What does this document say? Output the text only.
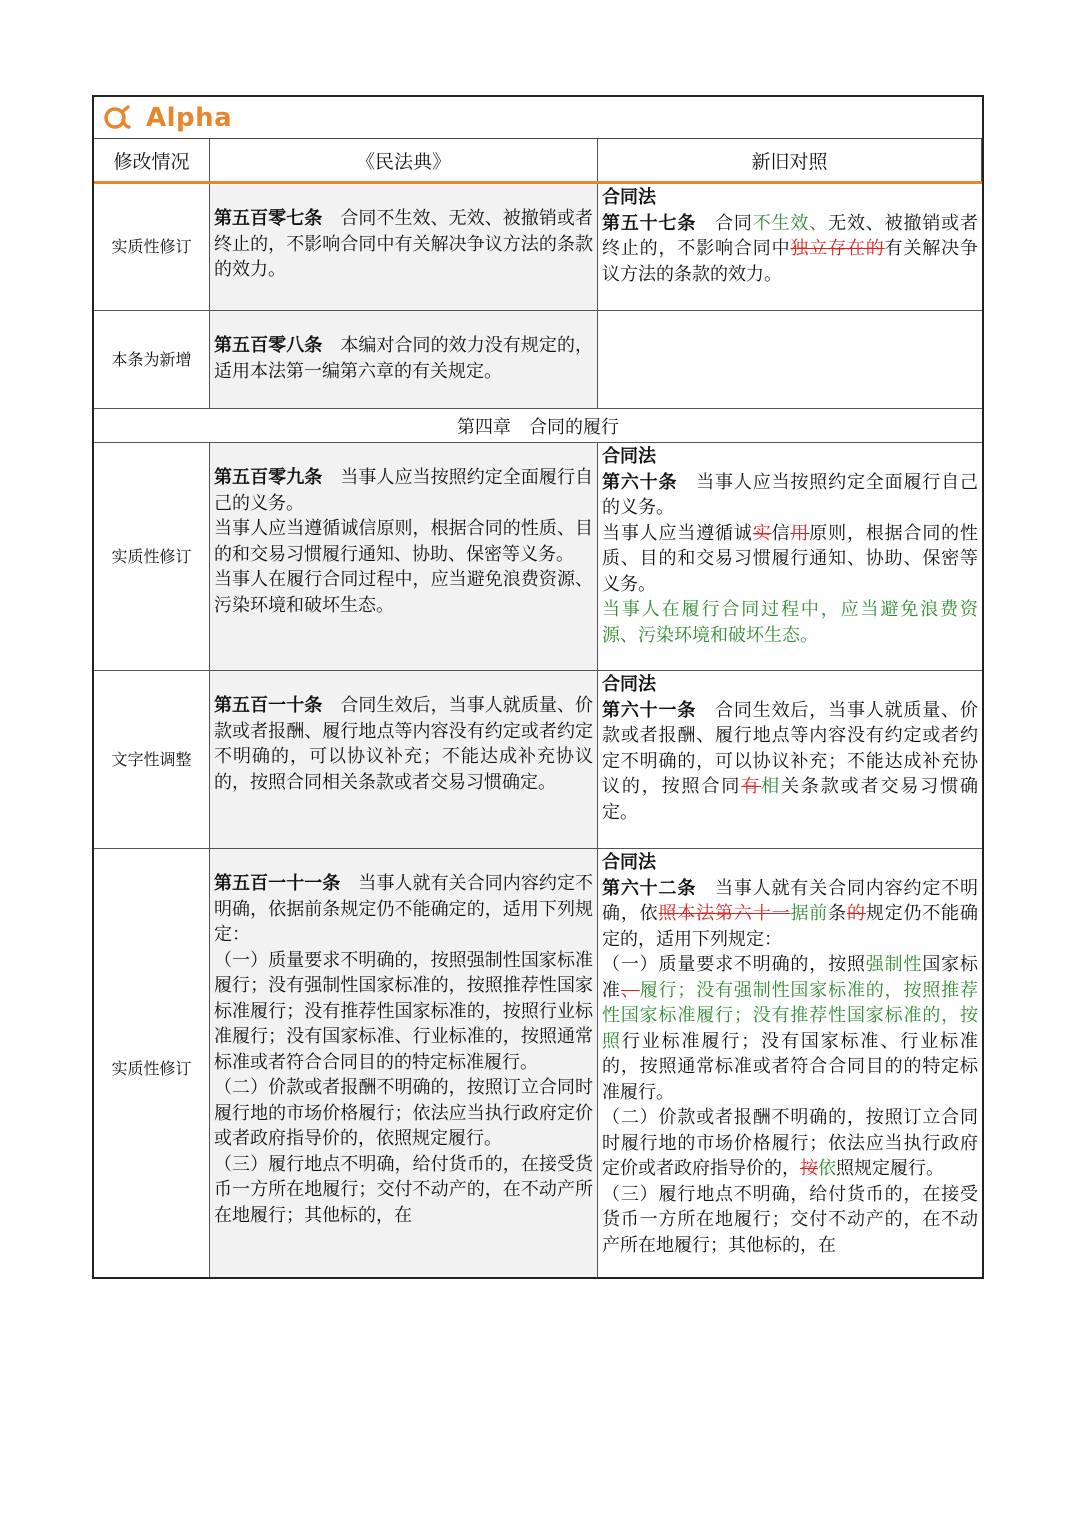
Alpha
修改情况	《民法典》	新旧对照
实质性修订

第五百零七条　合同不生效、无效、被撤销或者终止的，不影响合同中有关解决争议方法的条款的效力。

合同法

第五十七条　合同不生效、无效、被撤销或者终止的，不影响合同中独立存在的有关解决争议方法的条款的效力。

本条为新增

第五百零八条　本编对合同的效力没有规定的，适用本法第一编第六章的有关规定。

第四章　合同的履行
实质性修订

第五百零九条　当事人应当按照约定全面履行自己的义务。

当事人应当遵循诚信原则，根据合同的性质、目的和交易习惯履行通知、协助、保密等义务。

当事人在履行合同过程中，应当避免浪费资源、污染环境和破坏生态。

合同法

第六十条　当事人应当按照约定全面履行自己的义务。

当事人应当遵循诚实信用原则，根据合同的性质、目的和交易习惯履行通知、协助、保密等义务。

当事人在履行合同过程中，应当避免浪费资源、污染环境和破坏生态。

文字性调整

第五百一十条　合同生效后，当事人就质量、价款或者报酬、履行地点等内容没有约定或者约定不明确的，可以协议补充；不能达成补充协议的，按照合同相关条款或者交易习惯确定。

合同法

第六十一条　合同生效后，当事人就质量、价款或者报酬、履行地点等内容没有约定或者约定不明确的，可以协议补充；不能达成补充协议的，按照合同有相关条款或者交易习惯确定。

实质性修订

第五百一十一条　当事人就有关合同内容约定不明确，依据前条规定仍不能确定的，适用下列规定：

（一）质量要求不明确的，按照强制性国家标准履行；没有强制性国家标准的，按照推荐性国家标准履行；没有推荐性国家标准的，按照行业标准履行；没有国家标准、行业标准的，按照通常标准或者符合合同目的的特定标准履行。

（二）价款或者报酬不明确的，按照订立合同时履行地的市场价格履行；依法应当执行政府定价或者政府指导价的，依照规定履行。

（三）履行地点不明确，给付货币的，在接受货币一方所在地履行；交付不动产的，在不动产所在地履行；其他标的，在

合同法

第六十二条　当事人就有关合同内容约定不明确，依照本法第六十一据前条的规定仍不能确定的，适用下列规定：

（一）质量要求不明确的，按照强制性国家标准、履行；没有强制性国家标准的，按照推荐性国家标准履行；没有推荐性国家标准的，按照行业标准履行；没有国家标准、行业标准的，按照通常标准或者符合合同目的的特定标准履行。

（二）价款或者报酬不明确的，按照订立合同时履行地的市场价格履行；依法应当执行政府定价或者政府指导价的，按依照规定履行。

（三）履行地点不明确，给付货币的，在接受货币一方所在地履行；交付不动产的，在不动产所在地履行；其他标的，在
